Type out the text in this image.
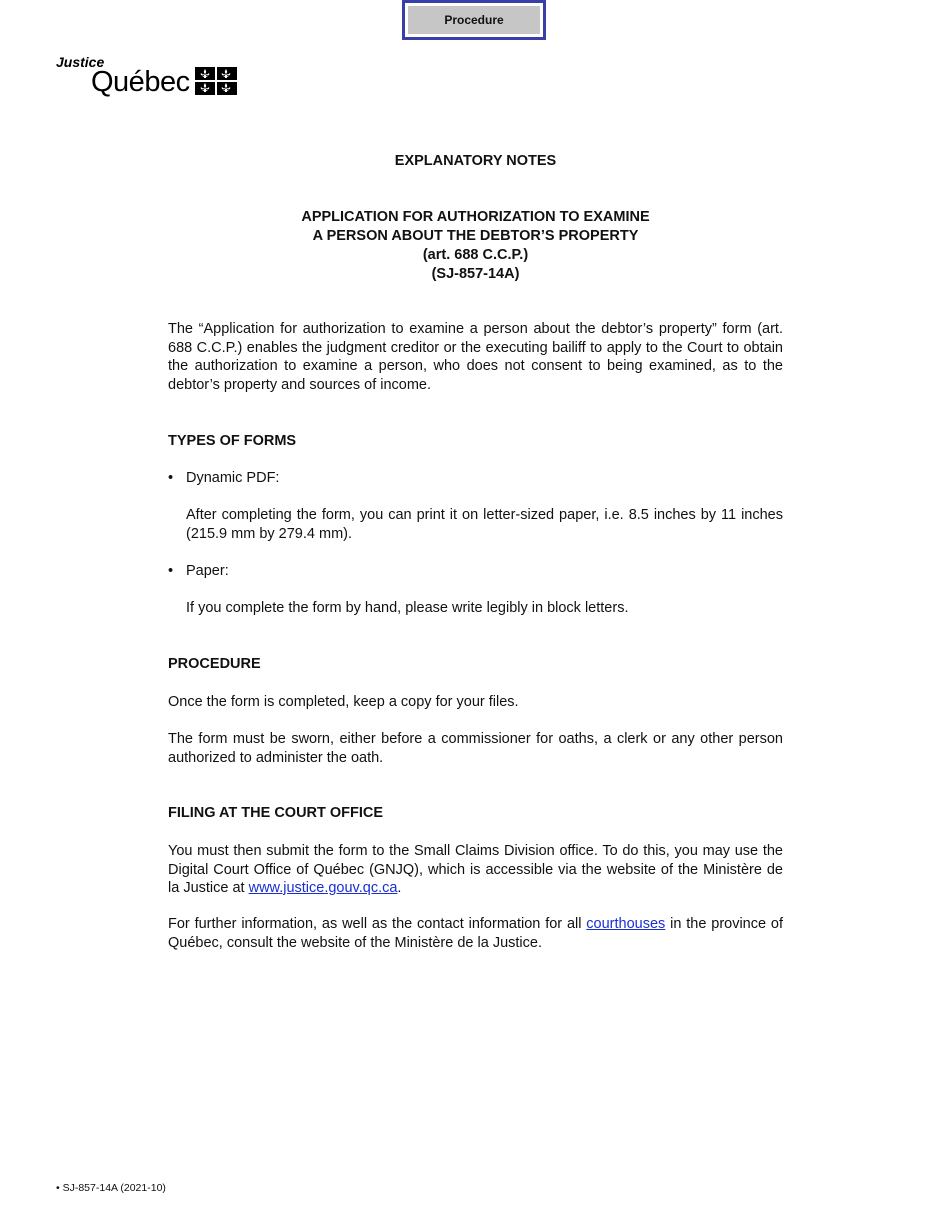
Procedure
Justice
Québec
EXPLANATORY NOTES
APPLICATION FOR AUTHORIZATION TO EXAMINE
A PERSON ABOUT THE DEBTOR’S PROPERTY
(art. 688 C.C.P.)
(SJ-857-14A)
The “Application for authorization to examine a person about the debtor’s property” form (art. 688 C.C.P.) enables the judgment creditor or the executing bailiff to apply to the Court to obtain the authorization to examine a person, who does not consent to being examined, as to the debtor’s property and sources of income.
TYPES OF FORMS
• Dynamic PDF:
After completing the form, you can print it on letter-sized paper, i.e. 8.5 inches by 11 inches (215.9 mm by 279.4 mm).
• Paper:
If you complete the form by hand, please write legibly in block letters.
PROCEDURE
Once the form is completed, keep a copy for your files.
The form must be sworn, either before a commissioner for oaths, a clerk or any other person authorized to administer the oath.
FILING AT THE COURT OFFICE
You must then submit the form to the Small Claims Division office. To do this, you may use the Digital Court Office of Québec (GNJQ), which is accessible via the website of the Ministère de la Justice at www.justice.gouv.qc.ca.
For further information, as well as the contact information for all courthouses in the province of Québec, consult the website of the Ministère de la Justice.
• SJ-857-14A (2021-10)
